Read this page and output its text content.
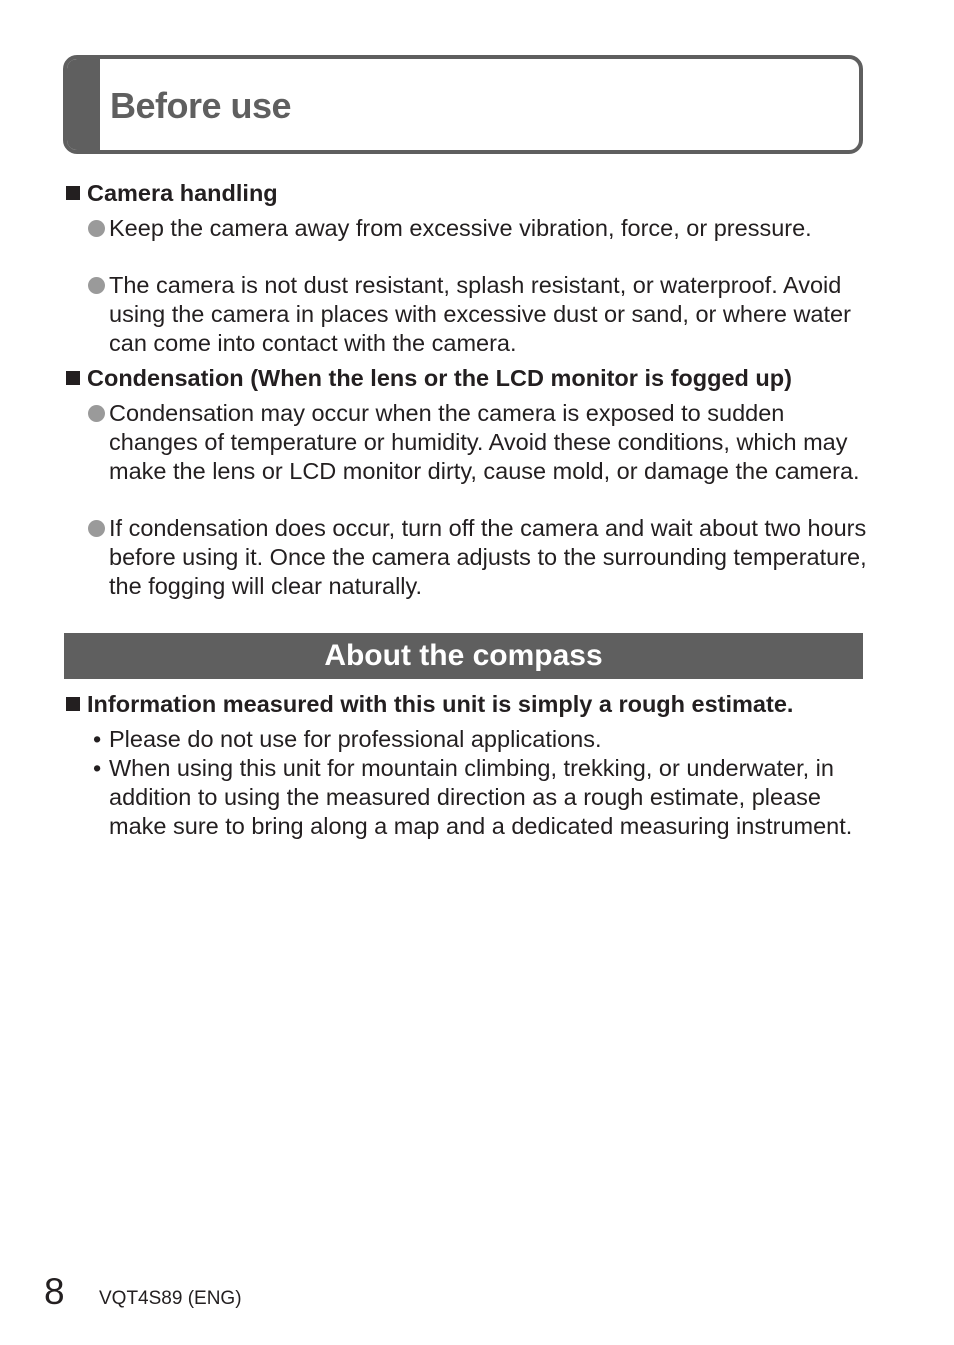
Before use
Camera handling
Keep the camera away from excessive vibration, force, or pressure.
The camera is not dust resistant, splash resistant, or waterproof. Avoid using the camera in places with excessive dust or sand, or where water can come into contact with the camera.
Condensation (When the lens or the LCD monitor is fogged up)
Condensation may occur when the camera is exposed to sudden changes of temperature or humidity. Avoid these conditions, which may make the lens or LCD monitor dirty, cause mold, or damage the camera.
If condensation does occur, turn off the camera and wait about two hours before using it. Once the camera adjusts to the surrounding temperature, the fogging will clear naturally.
About the compass
Information measured with this unit is simply a rough estimate.
• Please do not use for professional applications.
• When using this unit for mountain climbing, trekking, or underwater, in addition to using the measured direction as a rough estimate, please make sure to bring along a map and a dedicated measuring instrument.
8 VQT4S89 (ENG)
